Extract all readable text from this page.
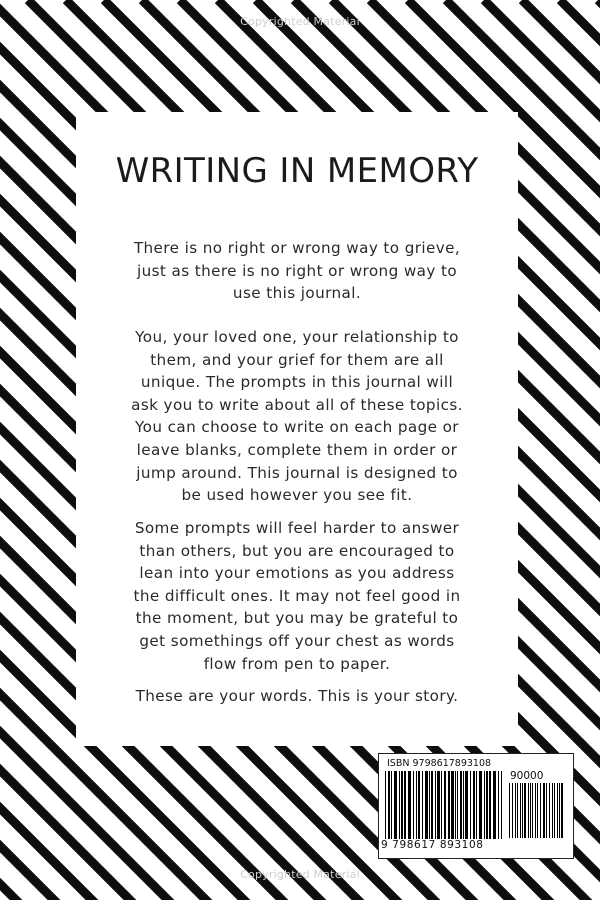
Copyrighted Material
WRITING IN MEMORY

There is no right or wrong way to grieve,
just as there is no right or wrong way to
use this journal.

You, your loved one, your relationship to
them, and your grief for them are all
unique. The prompts in this journal will
ask you to write about all of these topics.
You can choose to write on each page or
leave blanks, complete them in order or
jump around. This journal is designed to
be used however you see fit.

Some prompts will feel harder to answer
than others, but you are encouraged to
lean into your emotions as you address
the difficult ones. It may not feel good in
the moment, but you may be grateful to
get somethings off your chest as words
flow from pen to paper.

These are your words. This is your story.

ISBN 9798617893108
90000
9 798617 893108
Copyrighted Material
